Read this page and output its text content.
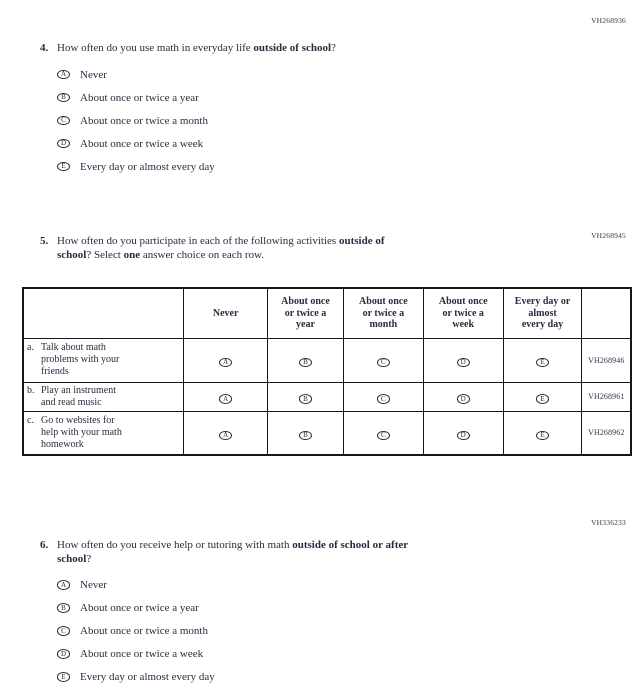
VH268936
4. How often do you use math in everyday life outside of school?
A	Never
B	About once or twice a year
C	About once or twice a month
D	About once or twice a week
E	Every day or almost every day
VH268945
5. How often do you participate in each of the following activities outside of
school? Select one answer choice on each row.
	Never	About once
or twice a
year	About once
or twice a
month	About once
or twice a
week	Every day or
almost
every day	

a. Talk about math
problems with your
friends	A	B	C	D	E	VH268946

b. Play an instrument
and read music	A	B	C	D	E	VH268961

c. Go to websites for
help with your math
homework	A	B	C	D	E	VH268962
VH336233
6. How often do you receive help or tutoring with math outside of school or after
school?
A	Never
B	About once or twice a year
C	About once or twice a month
D	About once or twice a week
E	Every day or almost every day
